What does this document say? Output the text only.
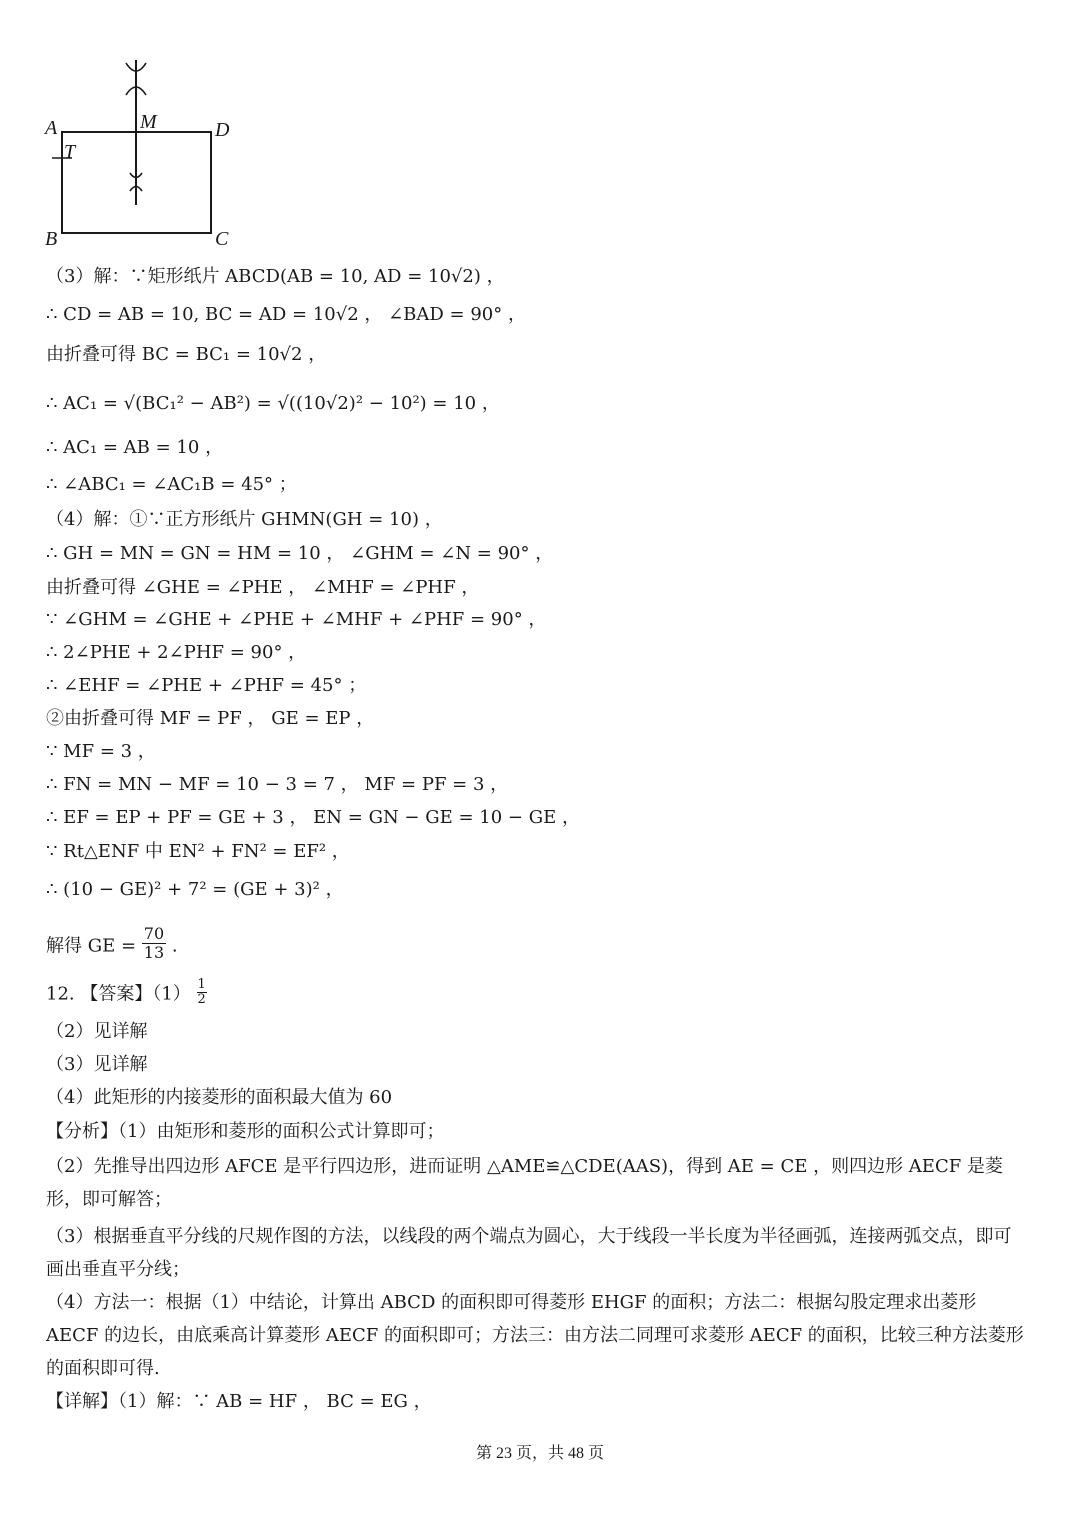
A	M	D
T
B	C
（3）解：∵矩形纸片 ABCD(AB = 10, AD = 10√2) ，
∴ CD = AB = 10, BC = AD = 10√2 ， ∠BAD = 90° ，
由折叠可得 BC = BC₁ = 10√2 ，
∴ AC₁ = √(BC₁² − AB²) = √((10√2)² − 10²) = 10 ，
∴ AC₁ = AB = 10 ，
∴ ∠ABC₁ = ∠AC₁B = 45° ；
（4）解：①∵正方形纸片 GHMN(GH = 10) ，
∴ GH = MN = GN = HM = 10 ， ∠GHM = ∠N = 90° ，
由折叠可得 ∠GHE = ∠PHE ， ∠MHF = ∠PHF ，
∵ ∠GHM = ∠GHE + ∠PHE + ∠MHF + ∠PHF = 90° ，
∴ 2∠PHE + 2∠PHF = 90° ，
∴ ∠EHF = ∠PHE + ∠PHF = 45° ；
②由折叠可得 MF = PF ， GE = EP ，
∵ MF = 3 ，
∴ FN = MN − MF = 10 − 3 = 7 ， MF = PF = 3 ，
∴ EF = EP + PF = GE + 3 ， EN = GN − GE = 10 − GE ，
∵ Rt△ENF 中 EN² + FN² = EF² ，
∴ (10 − GE)² + 7² = (GE + 3)² ，
解得 GE = $\frac{70}{13}$ .
12. 【答案】$(1) \frac{1}{2}$
（2）见详解
（3）见详解
（4）此矩形的内接菱形的面积最大值为 60
【分析】（1）由矩形和菱形的面积公式计算即可；
（2）先推导出四边形 AFCE 是平行四边形，进而证明 △AME≌△CDE(AAS)，得到 AE = CE ，则四边形 AECF 是菱形，即可解答；
（3）根据垂直平分线的尺规作图的方法，以线段的两个端点为圆心，大于线段一半长度为半径画弧，连接两弧交点，即可画出垂直平分线；
（4）方法一：根据（1）中结论，计算出 ABCD 的面积即可得菱形 EHGF 的面积；方法二：根据勾股定理求出菱形 AECF 的边长，由底乘高计算菱形 AECF 的面积即可；方法三：由方法二同理可求菱形 AECF 的面积，比较三种方法菱形的面积即可得.
【详解】（1）解：∵ AB = HF ， BC = EG ，
第 23 页，共 48 页
